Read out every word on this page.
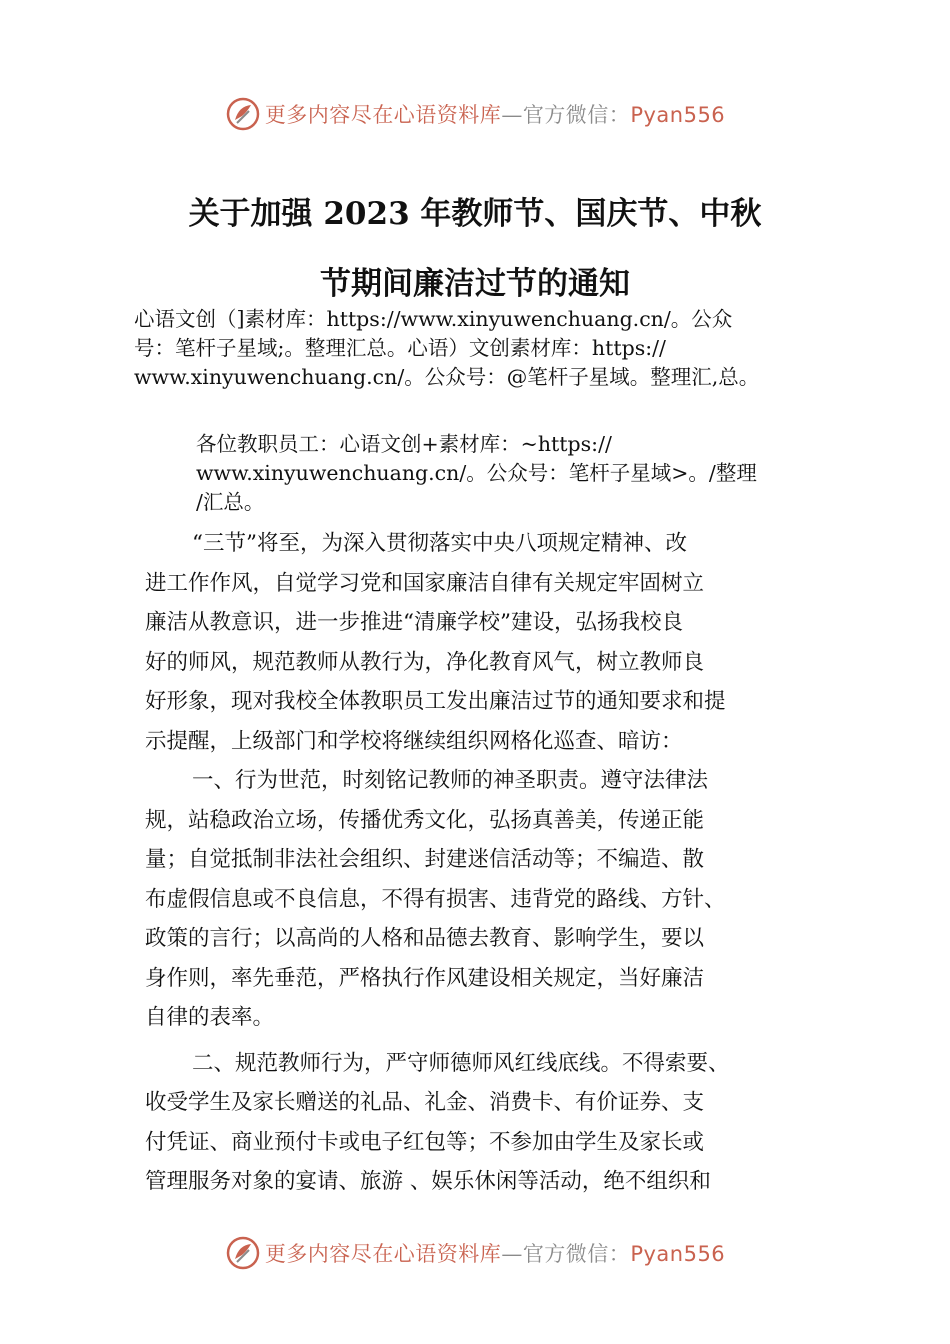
更多内容尽在心语资料库—官方微信：Pyan556
关于加强 2023 年教师节、国庆节、中秋
节期间廉洁过节的通知
心语文创（]素材库：https://www.xinyuwenchuang.cn/。公众
号：笔杆子星域;。整理汇总。心语）文创素材库：https://
www.xinyuwenchuang.cn/。公众号：@笔杆子星域。整理汇,总。
各位教职员工：心语文创+素材库：~https://
www.xinyuwenchuang.cn/。公众号：笔杆子星域>。/整理
/汇总。
“三节”将至，为深入贯彻落实中央八项规定精神、改
进工作作风，自觉学习党和国家廉洁自律有关规定牢固树立
廉洁从教意识，进一步推进“清廉学校”建设，弘扬我校良
好的师风，规范教师从教行为，净化教育风气，树立教师良
好形象，现对我校全体教职员工发出廉洁过节的通知要求和提
示提醒，上级部门和学校将继续组织网格化巡查、暗访：
一、行为世范，时刻铭记教师的神圣职责。遵守法律法
规，站稳政治立场，传播优秀文化，弘扬真善美，传递正能
量；自觉抵制非法社会组织、封建迷信活动等；不编造、散
布虚假信息或不良信息，不得有损害、违背党的路线、方针、
政策的言行；以高尚的人格和品德去教育、影响学生，要以
身作则，率先垂范，严格执行作风建设相关规定，当好廉洁
自律的表率。
二、规范教师行为，严守师德师风红线底线。不得索要、
收受学生及家长赠送的礼品、礼金、消费卡、有价证券、支
付凭证、商业预付卡或电子红包等；不参加由学生及家长或
管理服务对象的宴请、旅游 、娱乐休闲等活动，绝不组织和
更多内容尽在心语资料库—官方微信：Pyan556
